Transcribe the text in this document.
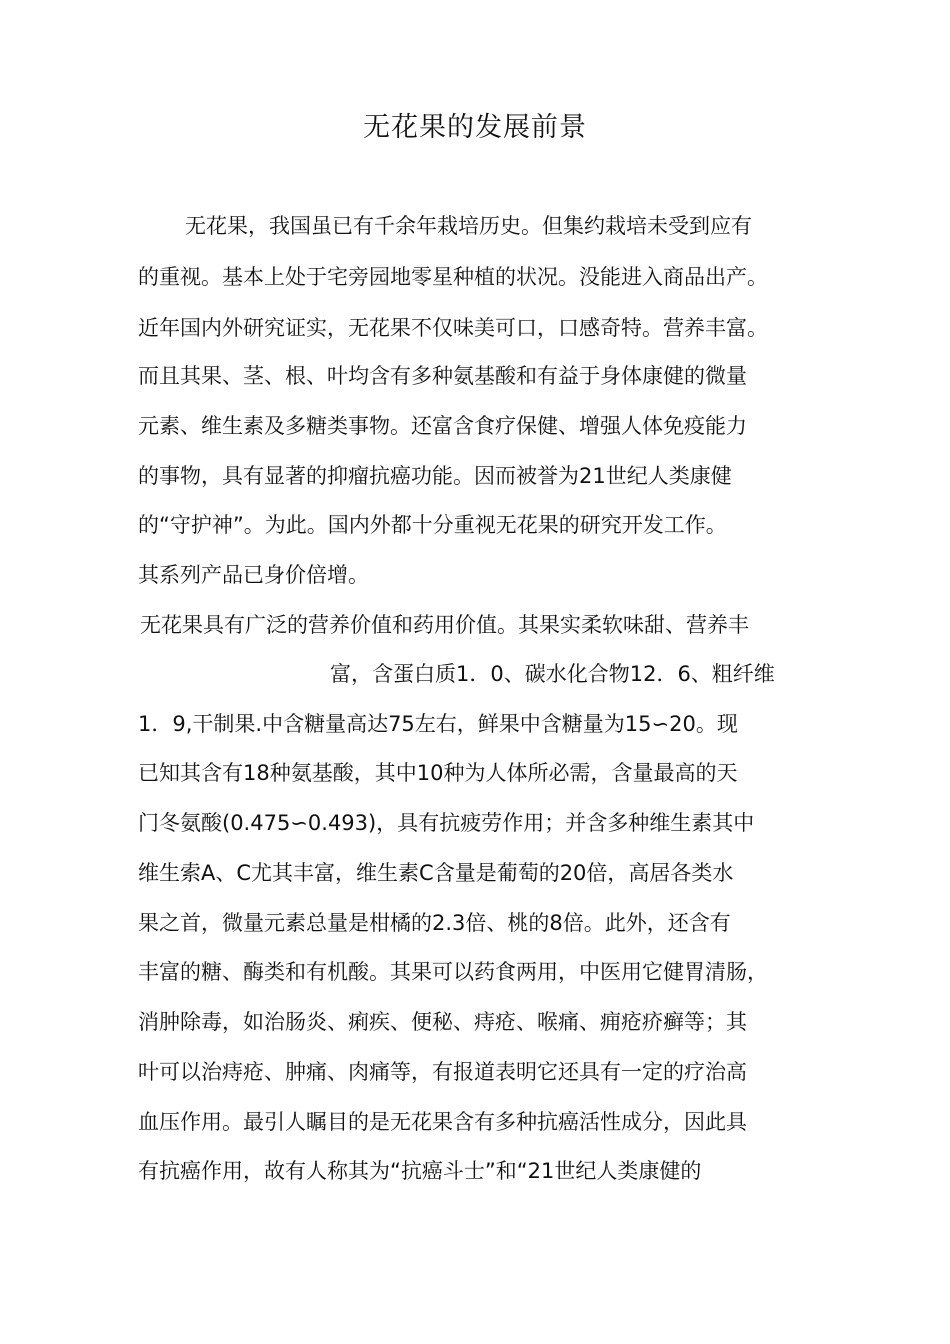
无花果的发展前景
无花果，我国虽已有千余年栽培历史。但集约栽培未受到应有
的重视。基本上处于宅旁园地零星种植的状况。没能进入商品出产。
近年国内外研究证实，无花果不仅味美可口，口感奇特。营养丰富。
而且其果、茎、根、叶均含有多种氨基酸和有益于身体康健的微量
元素、维生素及多糖类事物。还富含食疗保健、增强人体免疫能力
的事物，具有显著的抑瘤抗癌功能。因而被誉为21世纪人类康健
的“守护神”。为此。国内外都十分重视无花果的研究开发工作。
其系列产品已身价倍增。
无花果具有广泛的营养价值和药用价值。其果实柔软味甜、营养丰
富，含蛋白质1．0、碳水化合物12．6、粗纤维
1．9,干制果.中含糖量高达75左右，鲜果中含糖量为15∽20。现
已知其含有18种氨基酸，其中10种为人体所必需，含量最高的天
门冬氨酸(0.475∽0.493)，具有抗疲劳作用；并含多种维生素其中
维生索A、C尤其丰富，维生素C含量是葡萄的20倍，高居各类水
果之首，微量元素总量是柑橘的2.3倍、桃的8倍。此外，还含有
丰富的糖、酶类和有机酸。其果可以药食两用，中医用它健胃清肠，
消肿除毒，如治肠炎、痢疾、便秘、痔疮、喉痛、痈疮疥癣等；其
叶可以治痔疮、肿痛、肉痛等，有报道表明它还具有一定的疗治高
血压作用。最引人瞩目的是无花果含有多种抗癌活性成分，因此具
有抗癌作用，故有人称其为“抗癌斗士”和“21世纪人类康健的
